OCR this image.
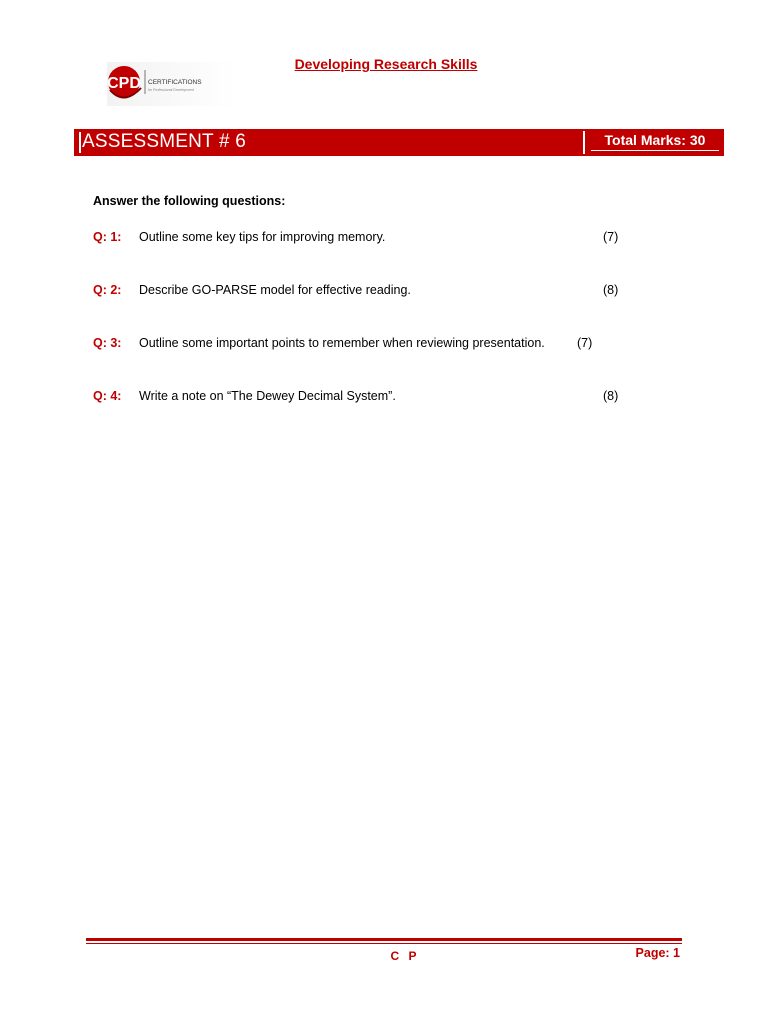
CPD CERTIFICATIONS
for Professional Development
Developing Research Skills
ASSESSMENT # 6	Total Marks: 30
Answer the following questions:
Q: 1: Outline some key tips for improving memory.	(7)
Q: 2: Describe GO-PARSE model for effective reading.	(8)
Q: 3: Outline some important points to remember when reviewing presentation.	(7)
Q: 4: Write a note on “The Dewey Decimal System”.	(8)
C P	Page: 1
